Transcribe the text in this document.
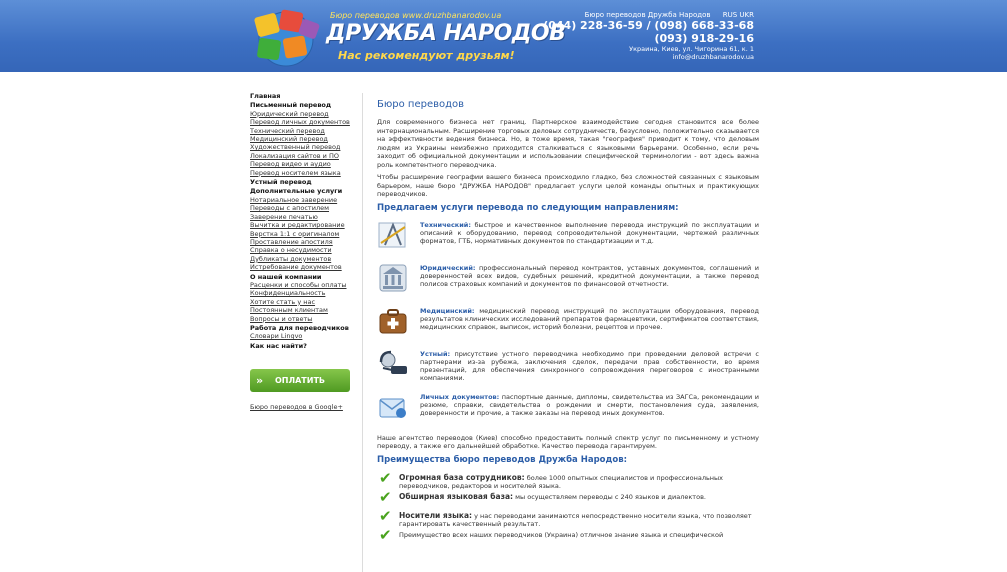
Бюро переводов www.druzhbanarodov.ua
ДРУЖБА НАРОДОВ
Нас рекомендуют друзьям!
Бюро переводов Дружба Народов RUS UKR
(044) 228-36-59 / (098) 668-33-68
(093) 918-29-16
Украина, Киев, ул. Чигорина 61, к. 1
info@druzhbanarodov.ua
Главная
Письменный перевод
Юридический перевод
Перевод личных документов
Технический перевод
Медицинский перевод
Художественный перевод
Локализация сайтов и ПО
Перевод видео и аудио
Перевод носителем языка
Устный перевод
Дополнительные услуги
Нотариальное заверение
Переводы с апостилем
Заверение печатью
Вычитка и редактирование
Верстка 1:1 с оригиналом
Проставление апостиля
Справка о несудимости
Дубликаты документов
Истребование документов
О нашей компании
Расценки и способы оплаты
Конфиденциальность
Хотите стать у нас
Постоянным клиентам
Вопросы и ответы
Работа для переводчиков
Словари Lingvo
Как нас найти?
» ОПЛАТИТЬ
Бюро переводов в Google+
Бюро переводов

Для современного бизнеса нет границ. Партнерское взаимодействие сегодня становится все более интернациональным. Расширение торговых деловых сотрудничеств, безусловно, положительно сказывается на эффективности ведения бизнеса. Но, в тоже время, такая "география" приводит к тому, что деловым людям из Украины неизбежно приходится сталкиваться с языковыми барьерами. Особенно, если речь заходит об официальной документации и использовании специфической терминологии - вот здесь важна роль компетентного переводчика.

Чтобы расширение географии вашего бизнеса происходило гладко, без сложностей связанных с языковым барьером, наше бюро "ДРУЖБА НАРОДОВ" предлагает услуги целой команды опытных и практикующих переводчиков.

Предлагаем услуги перевода по следующим направлениям:
Технический: быстрое и качественное выполнение перевода инструкций по эксплуатации и описаний к оборудованию, перевод сопроводительной документации, чертежей различных форматов, ГТБ, нормативных документов по стандартизации и т.д.
Юридический: профессиональный перевод контрактов, уставных документов, соглашений и доверенностей всех видов, судебных решений, кредитной документации, а также перевод полисов страховых компаний и документов по финансовой отчетности.
Медицинский: медицинский перевод инструкций по эксплуатации оборудования, перевод результатов клинических исследований препаратов фармацевтики, сертификатов соответствия, медицинских справок, выписок, историй болезни, рецептов и прочее.
Устный: присутствие устного переводчика необходимо при проведении деловой встречи с партнерами из-за рубежа, заключения сделок, передачи прав собственности, во время презентаций, для обеспечения синхронного сопровождения переговоров с иностранными компаниями.
Личных документов: паспортные данные, дипломы, свидетельства из ЗАГСа, рекомендации и резюме, справки, свидетельства о рождении и смерти, постановления суда, заявления, доверенности и прочие, а также заказы на перевод иных документов.

Наше агентство переводов (Киев) способно предоставить полный спектр услуг по письменному и устному переводу, а также его дальнейшей обработке. Качество перевода гарантируем.

Преимущества бюро переводов Дружба Народов:
✔ Огромная база сотрудников: более 1000 опытных специалистов и профессиональных переводчиков, редакторов и носителей языка.
✔ Обширная языковая база: мы осуществляем переводы с 240 языков и диалектов.
✔ Носители языка: у нас переводами занимаются непосредственно носители языка, что позволяет гарантировать качественный результат.
✔ Преимущество всех наших переводчиков (Украина) отличное знание языка и специфической
